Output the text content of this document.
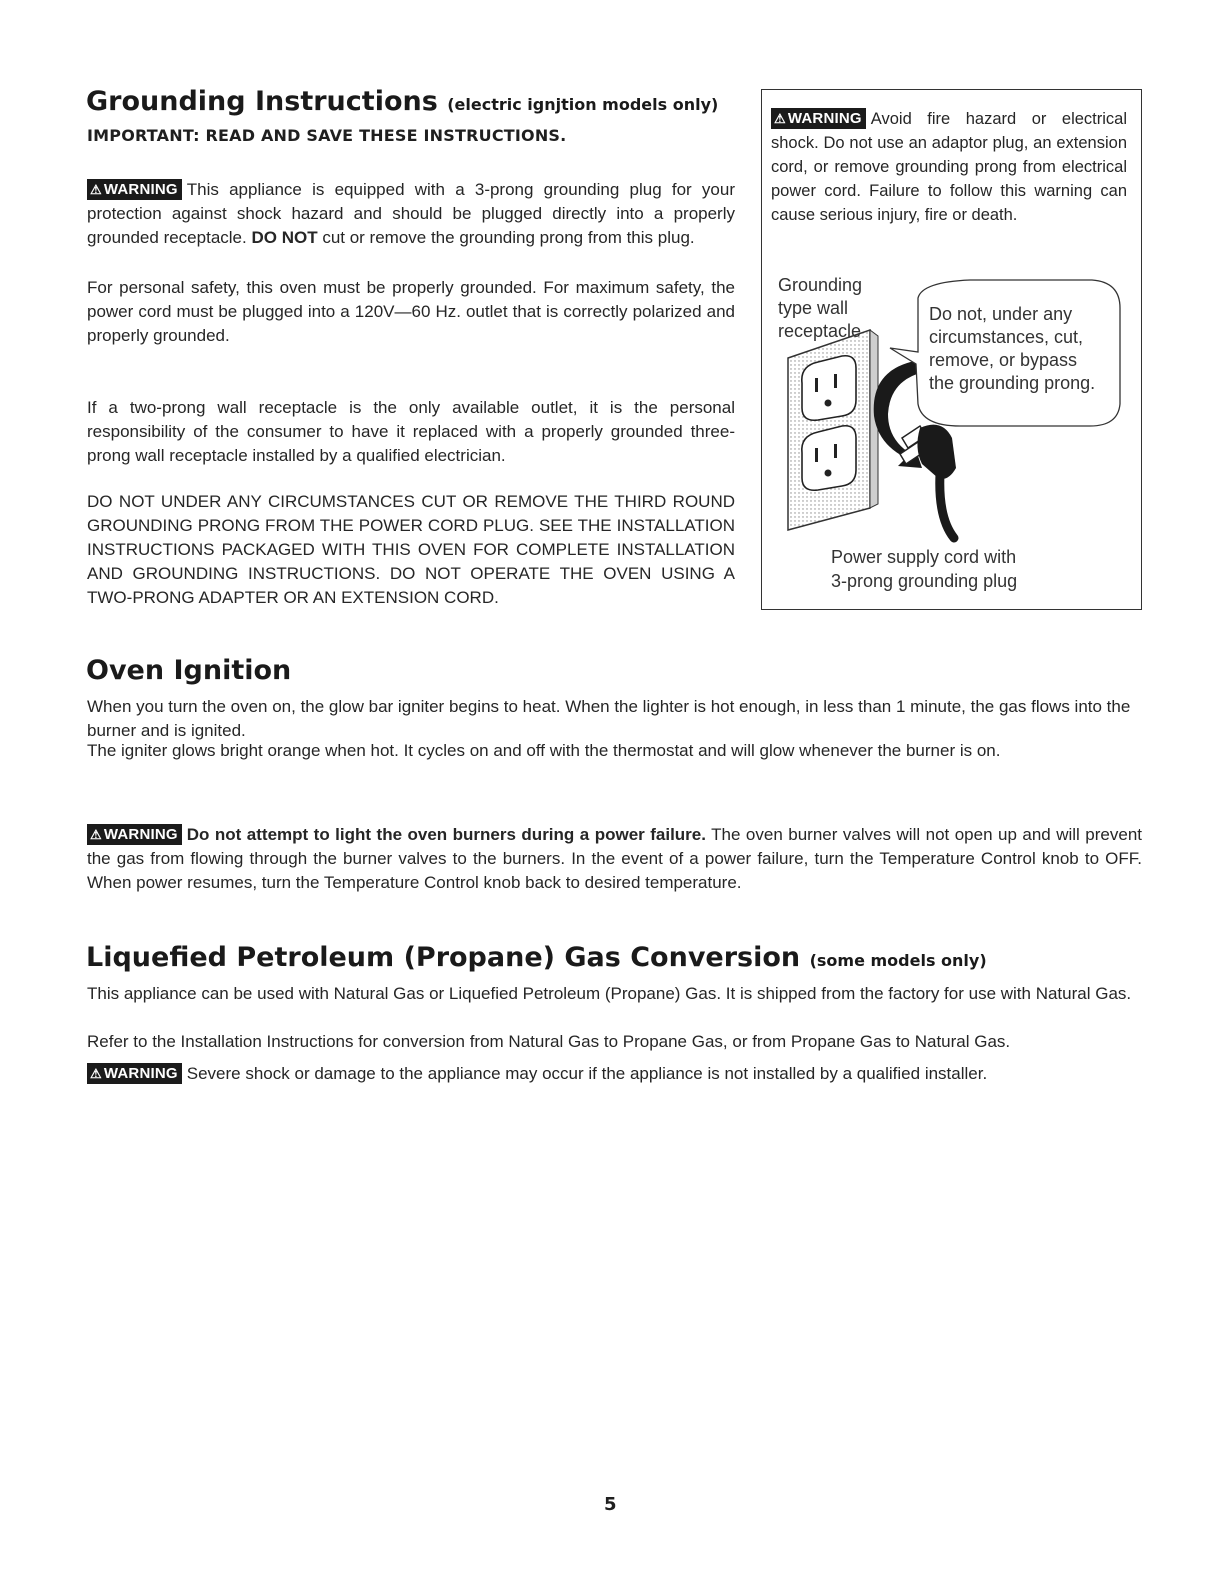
Grounding Instructions (electric ignjtion models only)
IMPORTANT: READ AND SAVE THESE INSTRUCTIONS.
⚠ WARNING This appliance is equipped with a 3-prong grounding plug for your protection against shock hazard and should be plugged directly into a properly grounded receptacle. DO NOT cut or remove the grounding prong from this plug.
For personal safety, this oven must be properly grounded. For maximum safety, the power cord must be plugged into a 120V—60 Hz. outlet that is correctly polarized and properly grounded.
If a two-prong wall receptacle is the only available outlet, it is the personal responsibility of the consumer to have it replaced with a properly grounded three-prong wall receptacle installed by a qualified electrician.
DO NOT UNDER ANY CIRCUMSTANCES CUT OR REMOVE THE THIRD ROUND GROUNDING PRONG FROM THE POWER CORD PLUG. SEE THE INSTALLATION INSTRUCTIONS PACKAGED WITH THIS OVEN FOR COMPLETE INSTALLATION AND GROUNDING INSTRUCTIONS. DO NOT OPERATE THE OVEN USING A TWO-PRONG ADAPTER OR AN EXTENSION CORD.
⚠ WARNING Avoid fire hazard or electrical shock. Do not use an adaptor plug, an extension cord, or remove grounding prong from electrical power cord. Failure to follow this warning can cause serious injury, fire or death.
Grounding
type wall
receptacle
Do not, under any
circumstances, cut,
remove, or bypass
the grounding prong.
Power supply cord with
3-prong grounding plug
Oven Ignition
When you turn the oven on, the glow bar igniter begins to heat. When the lighter is hot enough, in less than 1 minute, the gas flows into the burner and is ignited.
The igniter glows bright orange when hot. It cycles on and off with the thermostat and will glow whenever the burner is on.
⚠ WARNING Do not attempt to light the oven burners during a power failure. The oven burner valves will not open up and will prevent the gas from flowing through the burner valves to the burners. In the event of a power failure, turn the Temperature Control knob to OFF. When power resumes, turn the Temperature Control knob back to desired temperature.
Liquefied Petroleum (Propane) Gas Conversion (some models only)
This appliance can be used with Natural Gas or Liquefied Petroleum (Propane) Gas. It is shipped from the factory for use with Natural Gas.
Refer to the Installation Instructions for conversion from Natural Gas to Propane Gas, or from Propane Gas to Natural Gas.
⚠ WARNING Severe shock or damage to the appliance may occur if the appliance is not installed by a qualified installer.
5
